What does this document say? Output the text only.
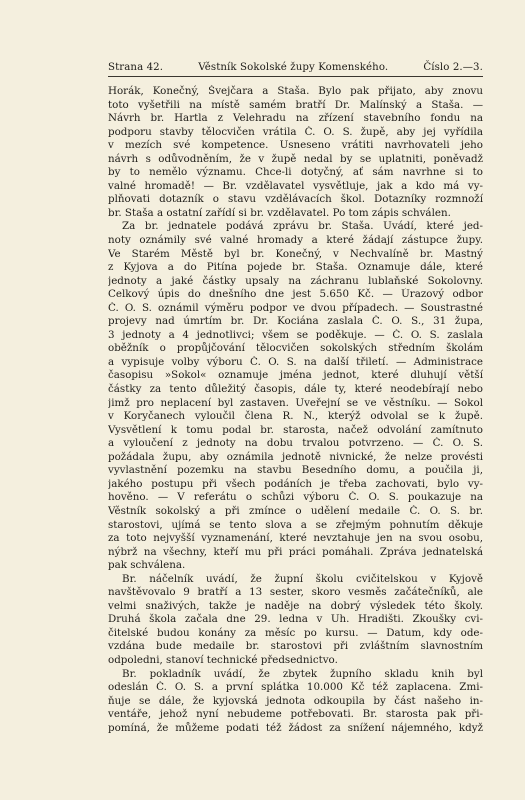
Strana 42.	Věstník Sokolské župy Komenského.	Číslo 2.—3.
Horák, Konečný, Švejčara a Staša. Bylo pak přijato, aby znovu
toto vyšetřili na místě samém bratří Dr. Malínský a Staša. —
Návrh br. Hartla z Velehradu na zřízení stavebního fondu na
podporu stavby tělocvičen vrátila Č. O. S. župě, aby jej vyřídila
v mezích své kompetence. Usneseno vrátiti navrhovateli jeho
návrh s odůvodněním, že v župě nedal by se uplatniti, poněvadž
by to nemělo významu. Chce-li dotyčný, ať sám navrhne si to
valné hromadě! — Br. vzdělavatel vysvětluje, jak a kdo má vy-
plňovati dotazník o stavu vzdělávacích škol. Dotazníky rozmnoží
br. Staša a ostatní zařídí si br. vzdělavatel. Po tom zápis schválen.
Za br. jednatele podává zprávu br. Staša. Uvádí, které jed-
noty oznámily své valné hromady a které žádají zástupce župy.
Ve Starém Městě byl br. Konečný, v Nechvalíně br. Mastný
z Kyjova a do Pitína pojede br. Staša. Oznamuje dále, které
jednoty a jaké částky upsaly na záchranu lublaňské Sokolovny.
Celkový úpis do dnešního dne jest 5.650 Kč. — Úrazový odbor
Č. O. S. oznámil výměru podpor ve dvou případech. — Soustrastné
projevy nad úmrtím br. Dr. Kociána zaslala Č. O. S., 31 župa,
3 jednoty a 4 jednotlivci; všem se poděkuje. — Č. O. S. zaslala
oběžník o propůjčování tělocvičen sokolských středním školám
a vypisuje volby výboru Č. O. S. na další třiletí. — Administrace
časopisu »Sokol« oznamuje jména jednot, které dluhují větší
částky za tento důležitý časopis, dále ty, které neodebírají nebo
jimž pro neplacení byl zastaven. Uveřejní se ve věstníku. — Sokol
v Koryčanech vyloučil člena R. N., kterýž odvolal se k župě.
Vysvětlení k tomu podal br. starosta, načež odvolání zamítnuto
a vyloučení z jednoty na dobu trvalou potvrzeno. — Č. O. S.
požádala župu, aby oznámila jednotě nivnické, že nelze provésti
vyvlastnění pozemku na stavbu Besedního domu, a poučila ji,
jakého postupu při všech podáních je třeba zachovati, bylo vy-
hověno. — V referátu o schůzi výboru Č. O. S. poukazuje na
Věstník sokolský a při zmínce o udělení medaile Č. O. S. br.
starostovi, ujímá se tento slova a se zřejmým pohnutím děkuje
za toto nejvyšší vyznamenání, které nevztahuje jen na svou osobu,
nýbrž na všechny, kteří mu při práci pomáhali. Zpráva jednatelská
pak schválena.
Br. náčelník uvádí, že župní školu cvičitelskou v Kyjově
navštěvovalo 9 bratří a 13 sester, skoro vesměs začátečníků, ale
velmi snaživých, takže je naděje na dobrý výsledek této školy.
Druhá škola začala dne 29. ledna v Uh. Hradišti. Zkoušky cvi-
čitelské budou konány za měsíc po kursu. — Datum, kdy ode-
vzdána bude medaile br. starostovi při zvláštním slavnostním
odpoledni, stanoví technické předsednictvo.
Br. pokladník uvádí, že zbytek župního skladu knih byl
odeslán Č. O. S. a první splátka 10.000 Kč též zaplacena. Zmi-
ňuje se dále, že kyjovská jednota odkoupila by část našeho in-
ventáře, jehož nyní nebudeme potřebovati. Br. starosta pak při-
pomíná, že můžeme podati též žádost za snížení nájemného, když
